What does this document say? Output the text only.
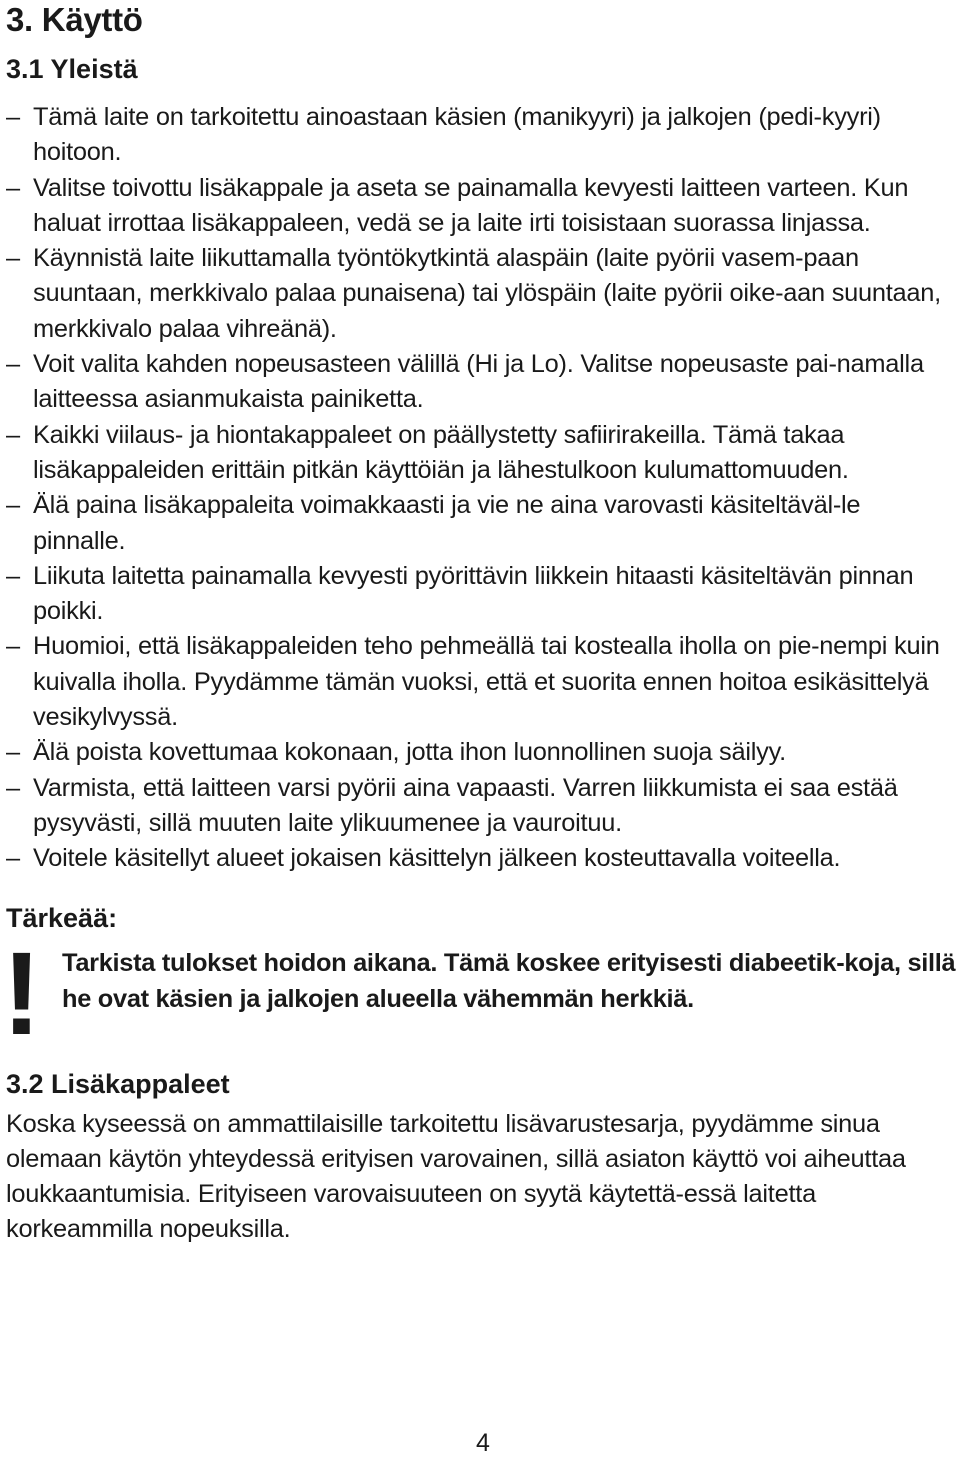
3. Käyttö
3.1 Yleistä
– Tämä laite on tarkoitettu ainoastaan käsien (manikyyri) ja jalkojen (pedi-kyyri) hoitoon.
– Valitse toivottu lisäkappale ja aseta se painamalla kevyesti laitteen varteen. Kun haluat irrottaa lisäkappaleen, vedä se ja laite irti toisistaan suorassa linjassa.
– Käynnistä laite liikuttamalla työntökytkintä alaspäin (laite pyörii vasem-paan suuntaan, merkkivalo palaa punaisena) tai ylöspäin (laite pyörii oike-aan suuntaan, merkkivalo palaa vihreänä).
– Voit valita kahden nopeusasteen välillä (Hi ja Lo). Valitse nopeusaste pai-namalla laitteessa asianmukaista painiketta.
– Kaikki viilaus- ja hiontakappaleet on päällystetty safiirirakeilla. Tämä takaa lisäkappaleiden erittäin pitkän käyttöiän ja lähestulkoon kulumattomuuden.
– Älä paina lisäkappaleita voimakkaasti ja vie ne aina varovasti käsiteltäväl-le pinnalle.
– Liikuta laitetta painamalla kevyesti pyörittävin liikkein hitaasti käsiteltävän pinnan poikki.
– Huomioi, että lisäkappaleiden teho pehmeällä tai kostealla iholla on pie-nempi kuin kuivalla iholla. Pyydämme tämän vuoksi, että et suorita ennen hoitoa esikäsittelyä vesikylvyssä.
– Älä poista kovettumaa kokonaan, jotta ihon luonnollinen suoja säilyy.
– Varmista, että laitteen varsi pyörii aina vapaasti. Varren liikkumista ei saa estää pysyvästi, sillä muuten laite ylikuumenee ja vauroituu.
– Voitele käsitellyt alueet jokaisen käsittelyn jälkeen kosteuttavalla voiteella.
Tärkeää:
! Tarkista tulokset hoidon aikana. Tämä koskee erityisesti diabeetik-koja, sillä he ovat käsien ja jalkojen alueella vähemmän herkkiä.
3.2 Lisäkappaleet
Koska kyseessä on ammattilaisille tarkoitettu lisävarustesarja, pyydämme sinua olemaan käytön yhteydessä erityisen varovainen, sillä asiaton käyttö voi aiheuttaa loukkaantumisia. Erityiseen varovaisuuteen on syytä käytettä-essä laitetta korkeammilla nopeuksilla.
4
